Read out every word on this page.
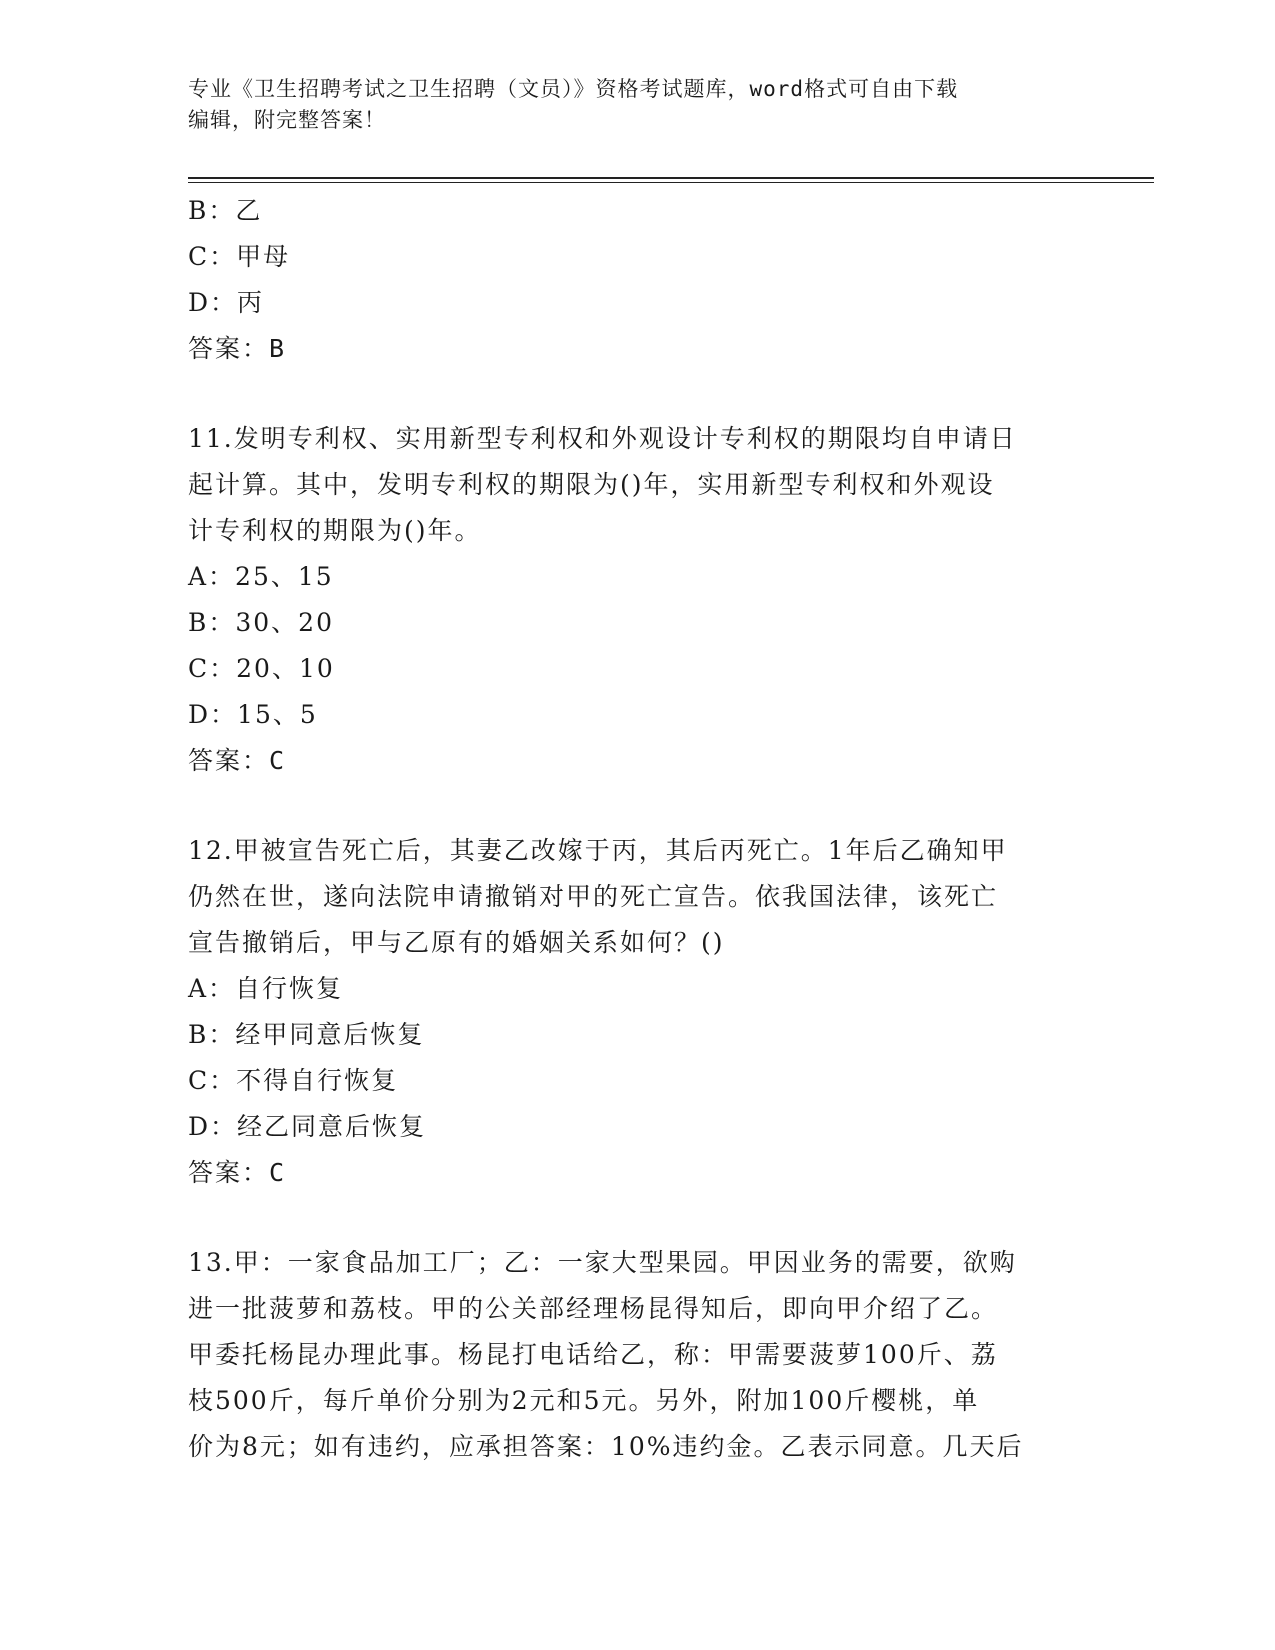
专业《卫生招聘考试之卫生招聘（文员）》资格考试题库，word格式可自由下载
编辑，附完整答案！
B：乙
C：甲母
D：丙
答案：B
11.发明专利权、实用新型专利权和外观设计专利权的期限均自申请日
起计算。其中，发明专利权的期限为()年，实用新型专利权和外观设
计专利权的期限为()年。
A：25、15
B：30、20
C：20、10
D：15、5
答案：C
12.甲被宣告死亡后，其妻乙改嫁于丙，其后丙死亡。1年后乙确知甲
仍然在世，遂向法院申请撤销对甲的死亡宣告。依我国法律，该死亡
宣告撤销后，甲与乙原有的婚姻关系如何？()
A：自行恢复
B：经甲同意后恢复
C：不得自行恢复
D：经乙同意后恢复
答案：C
13.甲：一家食品加工厂；乙：一家大型果园。甲因业务的需要，欲购
进一批菠萝和荔枝。甲的公关部经理杨昆得知后，即向甲介绍了乙。
甲委托杨昆办理此事。杨昆打电话给乙，称：甲需要菠萝100斤、荔
枝500斤，每斤单价分别为2元和5元。另外，附加100斤樱桃，单
价为8元；如有违约，应承担答案：10%违约金。乙表示同意。几天后
